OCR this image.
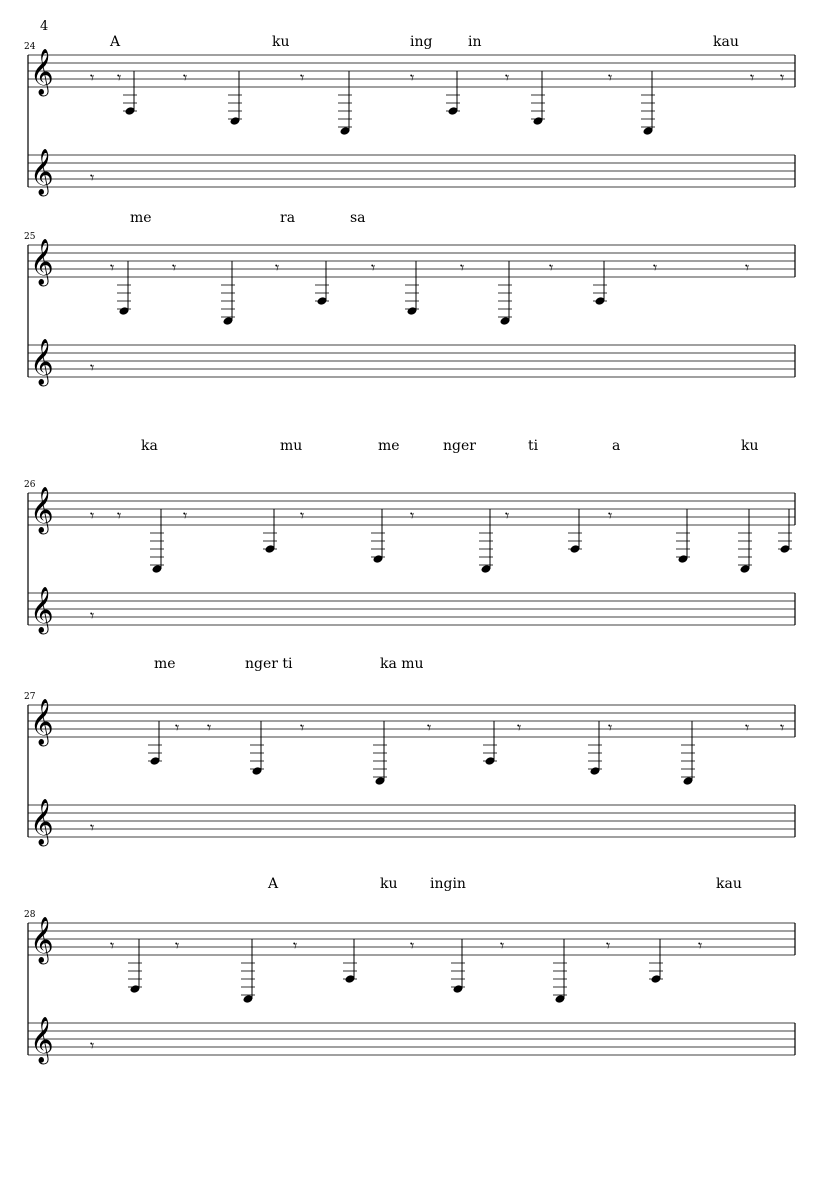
4
24
𝄞
𝄞
𝄾 𝄾	𝄾	𝄾	𝄾	𝄾	𝄾	𝄾 𝄾
𝄾
A	ku	ing	in	kau
me	ra	sa
25
𝄞
𝄞
𝄾	𝄾	𝄾	𝄾	𝄾	𝄾	𝄾	𝄾
𝄾
ka	mu	me	nger	ti	a	ku
26
𝄞
𝄞
𝄾 𝄾	𝄾	𝄾	𝄾	𝄾	𝄾
𝄾
me	nger ti	ka mu
27
𝄞
𝄞
𝄾 𝄾	𝄾	𝄾	𝄾	𝄾	𝄾 𝄾
𝄾
A	ku ingin	kau
28
𝄞
𝄞
𝄾	𝄾	𝄾	𝄾	𝄾	𝄾	𝄾
𝄾
